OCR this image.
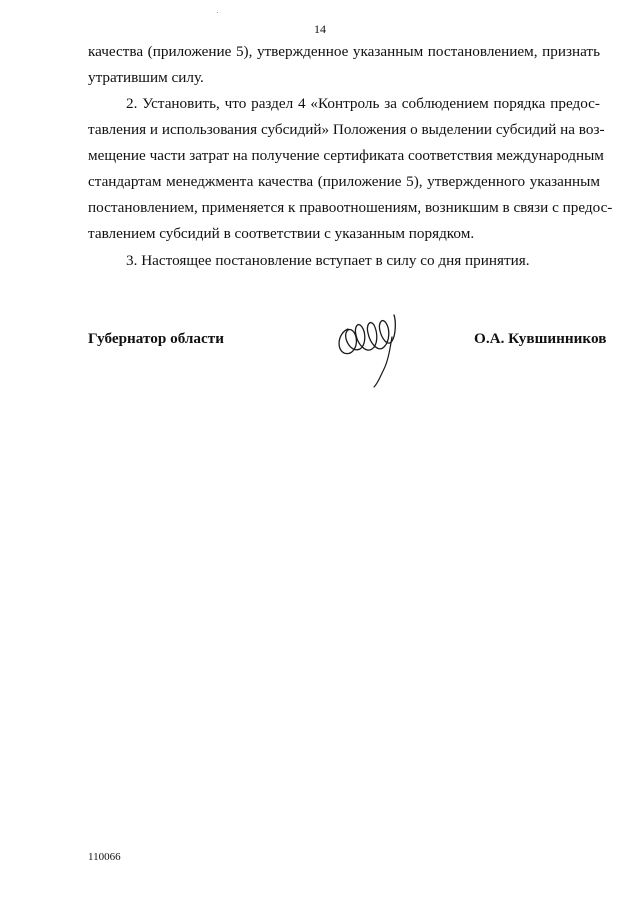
14
качества (приложение 5), утвержденное указанным постановлением, признать
утратившим силу.
2. Установить, что раздел 4 «Контроль за соблюдением порядка предос-
тавления и использования субсидий» Положения о выделении субсидий на воз-
мещение части затрат на получение сертификата соответствия международным
стандартам менеджмента качества (приложение 5), утвержденного указанным
постановлением, применяется к правоотношениям, возникшим в связи с предос-
тавлением субсидий в соответствии с указанным порядком.
3. Настоящее постановление вступает в силу со дня принятия.
Губернатор области	О.А. Кувшинников
110066
